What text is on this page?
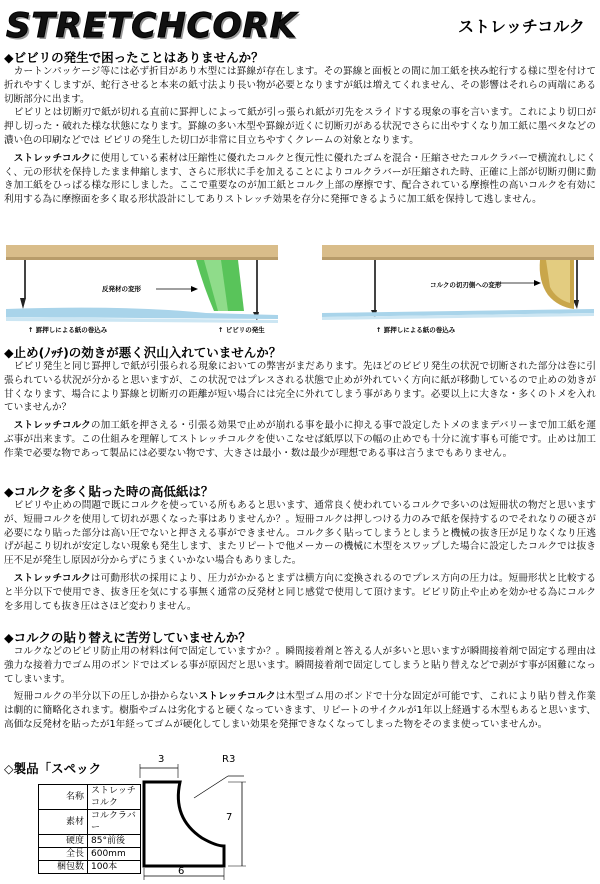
STRETCHCORK	ストレッチコルク

◆ビビリの発生で困ったことはありませんか？

カートンパッケージ等には必ず折目があり木型には罫線が存在します。その罫線と面板との間に加工紙を挟み蛇行する様に型を付けて折れやすくしますが、蛇行させると本来の紙寸法より長い物が必要となりますが紙は増えてくれません、その影響はそれらの両端にある切断部分に出ます。

ビビリとは切断刃で紙が切れる直前に罫押しによって紙が引っ張られ紙が刃先をスライドする現象の事を言います。これにより切口が押し切った・破れた様な状態になります。罫線の多い木型や罫線が近くに切断刃がある状況でさらに出やすくなり加工紙に墨ベタなどの濃い色の印刷などでは ビビリの発生した切口が非常に目立ちやすくクレームの対象となります。

ストレッチコルクに使用している素材は圧縮性に優れたコルクと復元性に優れたゴムを混合・圧縮させたコルクラバーで横流れしにくく、元の形状を保持したまま伸縮します、さらに形状に手を加えることによりコルクラバーが圧縮された時、正確に上部が切断刃側に動き加工紙をひっぱる様な形にしました。ここで重要なのが加工紙とコルク上部の摩擦です、配合されている摩擦性の高いコルクを有効に利用する為に摩擦面を多く取る形状設計にしてありストレッチ効果を存分に発揮できるように加工紙を保持して逃しません。

反発材の変形
↑ 罫押しによる紙の巻込み	↑ ビビリの発生
コルクの切刃側への変形
↑ 罫押しによる紙の巻込み

◆止め(ﾉｯﾁ)の効きが悪く沢山入れていませんか？

ビビリ発生と同じ罫押しで紙が引張られる現象においての弊害がまだあります。先ほどのビビリ発生の状況で切断された部分は巻に引張られている状況が分かると思いますが、この状況ではプレスされる状態で止めが外れていく方向に紙が移動しているので止めの効きが甘くなります、場合により罫線と切断刃の距離が短い場合には完全に外れてしまう事があります。必要以上に大きな・多くのトメを入れていませんか？

ストレッチコルクの加工紙を押さえる・引張る効果で止めが崩れる事を最小に抑える事で設定したトメのままデバリーまで加工紙を運ぶ事が出来ます。この仕組みを理解してストレッチコルクを使いこなせば紙厚以下の幅の止めでも十分に流す事も可能です。止めは加工作業で必要な物であって製品には必要ない物です、大きさは最小・数は最少が理想である事は言うまでもありません。

◆コルクを多く貼った時の高低紙は？

ビビリや止めの問題で既にコルクを使っている所もあると思います、通常良く使われているコルクで多いのは短冊状の物だと思いますが、短冊コルクを使用して切れが悪くなった事はありませんか？。短冊コルクは押しつける力のみで紙を保持するのでそれなりの硬さが必要になり貼った部分は高い圧でないと押さえる事ができません。コルク多く貼ってしまうとしまうと機械の抜き圧が足りなくなり圧逃げが起こり切れが安定しない現象も発生します、またリピートで他メーカーの機械に木型をスワップした場合に設定したコルクでは抜き圧不足が発生し原因が分からずにうまくいかない場合もありました。

ストレッチコルクは可動形状の採用により、圧力がかかるとまずは横方向に変換されるのでプレス方向の圧力は。短冊形状と比較すると半分以下で使用でき、抜き圧を気にする事無く通常の反発材と同じ感覚で使用して頂けます。ビビリ防止や止めを効かせる為にコルクを多用しても抜き圧はさほど変わりません。

◆コルクの貼り替えに苦労していませんか？

コルクなどのビビリ防止用の材料は何で固定していますか？。瞬間接着剤と答える人が多いと思いますが瞬間接着剤で固定する理由は強力な接着力でゴム用のボンドではズレる事が原因だと思います。瞬間接着剤で固定してしまうと貼り替えなどで剥がす事が困難になってしまいます。

短冊コルクの半分以下の圧しか掛からないストレッチコルクは木型ゴム用のボンドで十分な固定が可能です、これにより貼り替え作業は劇的に簡略化されます。樹脂やゴムは劣化すると硬くなっていきます、リピートのサイクルが1年以上経過する木型もあると思います、高価な反発材を貼ったが1年経ってゴムが硬化してしまい効果を発揮できなくなってしまった物をそのまま使っていませんか。

◇製品「スペック
名称	ストレッチコルク
素材	コルクラバー
硬度	85°前後
全長	600mm
梱包数	100本
3	R3
7
6
